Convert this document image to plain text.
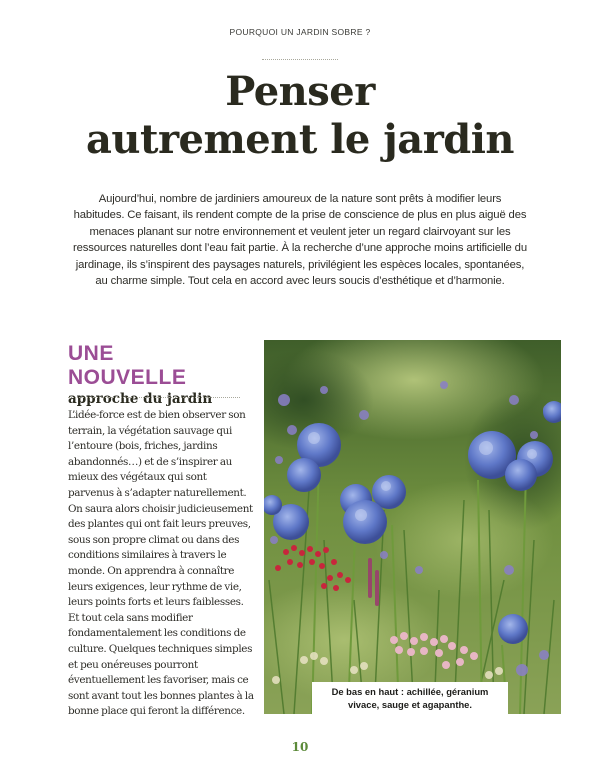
POURQUOI UN JARDIN SOBRE ?
Penser
autrement le jardin

Aujourd’hui, nombre de jardiniers amoureux de la nature sont prêts à modifier leurs habitudes. Ce faisant, ils rendent compte de la prise de conscience de plus en plus aiguë des menaces planant sur notre environnement et veulent jeter un regard clairvoyant sur les ressources naturelles dont l’eau fait partie. À la recherche d’une approche moins artificielle du jardinage, ils s’inspirent des paysages naturels, privilégient les espèces locales, spontanées, au charme simple. Tout cela en accord avec leurs soucis d’esthétique et d’harmonie.

UNE NOUVELLE
approche du jardin

L’idée-force est de bien observer son terrain, la végétation sauvage qui l’entoure (bois, friches, jardins abandonnés…) et de s’inspirer au mieux des végétaux qui sont parvenus à s’adapter naturellement. On saura alors choisir judicieusement des plantes qui ont fait leurs preuves, sous son propre climat ou dans des conditions similaires à travers le monde. On apprendra à connaître leurs exigences, leur rythme de vie, leurs points forts et leurs faiblesses. Et tout cela sans modifier fondamentalement les conditions de culture. Quelques techniques simples et peu onéreuses pourront éventuellement les favoriser, mais ce sont avant tout les bonnes plantes à la bonne place qui feront la différence.

De bas en haut : achillée, géranium
vivace, sauge et agapanthe.
10
